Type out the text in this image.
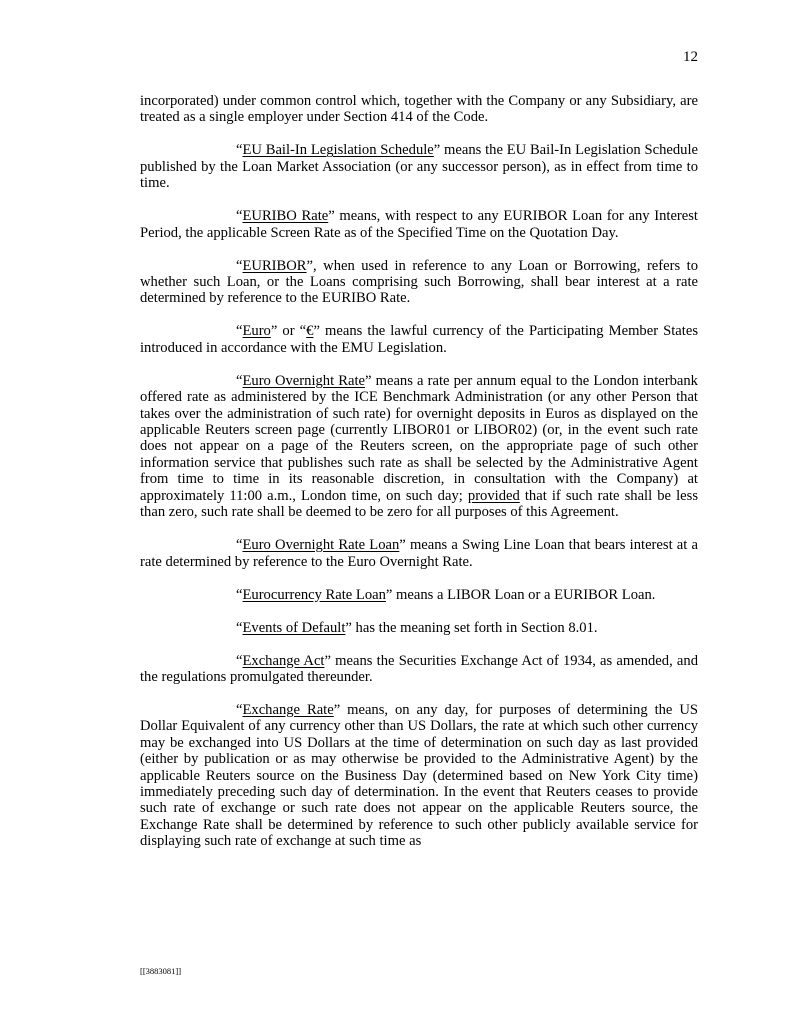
12

incorporated) under common control which, together with the Company or any Subsidiary, are treated as a single employer under Section 414 of the Code.

“EU Bail-In Legislation Schedule” means the EU Bail-In Legislation Schedule published by the Loan Market Association (or any successor person), as in effect from time to time.

“EURIBO Rate” means, with respect to any EURIBOR Loan for any Interest Period, the applicable Screen Rate as of the Specified Time on the Quotation Day.

“EURIBOR”, when used in reference to any Loan or Borrowing, refers to whether such Loan, or the Loans comprising such Borrowing, shall bear interest at a rate determined by reference to the EURIBO Rate.

“Euro” or “€” means the lawful currency of the Participating Member States introduced in accordance with the EMU Legislation.

“Euro Overnight Rate” means a rate per annum equal to the London interbank offered rate as administered by the ICE Benchmark Administration (or any other Person that takes over the administration of such rate) for overnight deposits in Euros as displayed on the applicable Reuters screen page (currently LIBOR01 or LIBOR02) (or, in the event such rate does not appear on a page of the Reuters screen, on the appropriate page of such other information service that publishes such rate as shall be selected by the Administrative Agent from time to time in its reasonable discretion, in consultation with the Company) at approximately 11:00 a.m., London time, on such day; provided that if such rate shall be less than zero, such rate shall be deemed to be zero for all purposes of this Agreement.

“Euro Overnight Rate Loan” means a Swing Line Loan that bears interest at a rate determined by reference to the Euro Overnight Rate.

“Eurocurrency Rate Loan” means a LIBOR Loan or a EURIBOR Loan.

“Events of Default” has the meaning set forth in Section 8.01.

“Exchange Act” means the Securities Exchange Act of 1934, as amended, and the regulations promulgated thereunder.

“Exchange Rate” means, on any day, for purposes of determining the US Dollar Equivalent of any currency other than US Dollars, the rate at which such other currency may be exchanged into US Dollars at the time of determination on such day as last provided (either by publication or as may otherwise be provided to the Administrative Agent) by the applicable Reuters source on the Business Day (determined based on New York City time) immediately preceding such day of determination. In the event that Reuters ceases to provide such rate of exchange or such rate does not appear on the applicable Reuters source, the Exchange Rate shall be determined by reference to such other publicly available service for displaying such rate of exchange at such time as

[[3883081]]
